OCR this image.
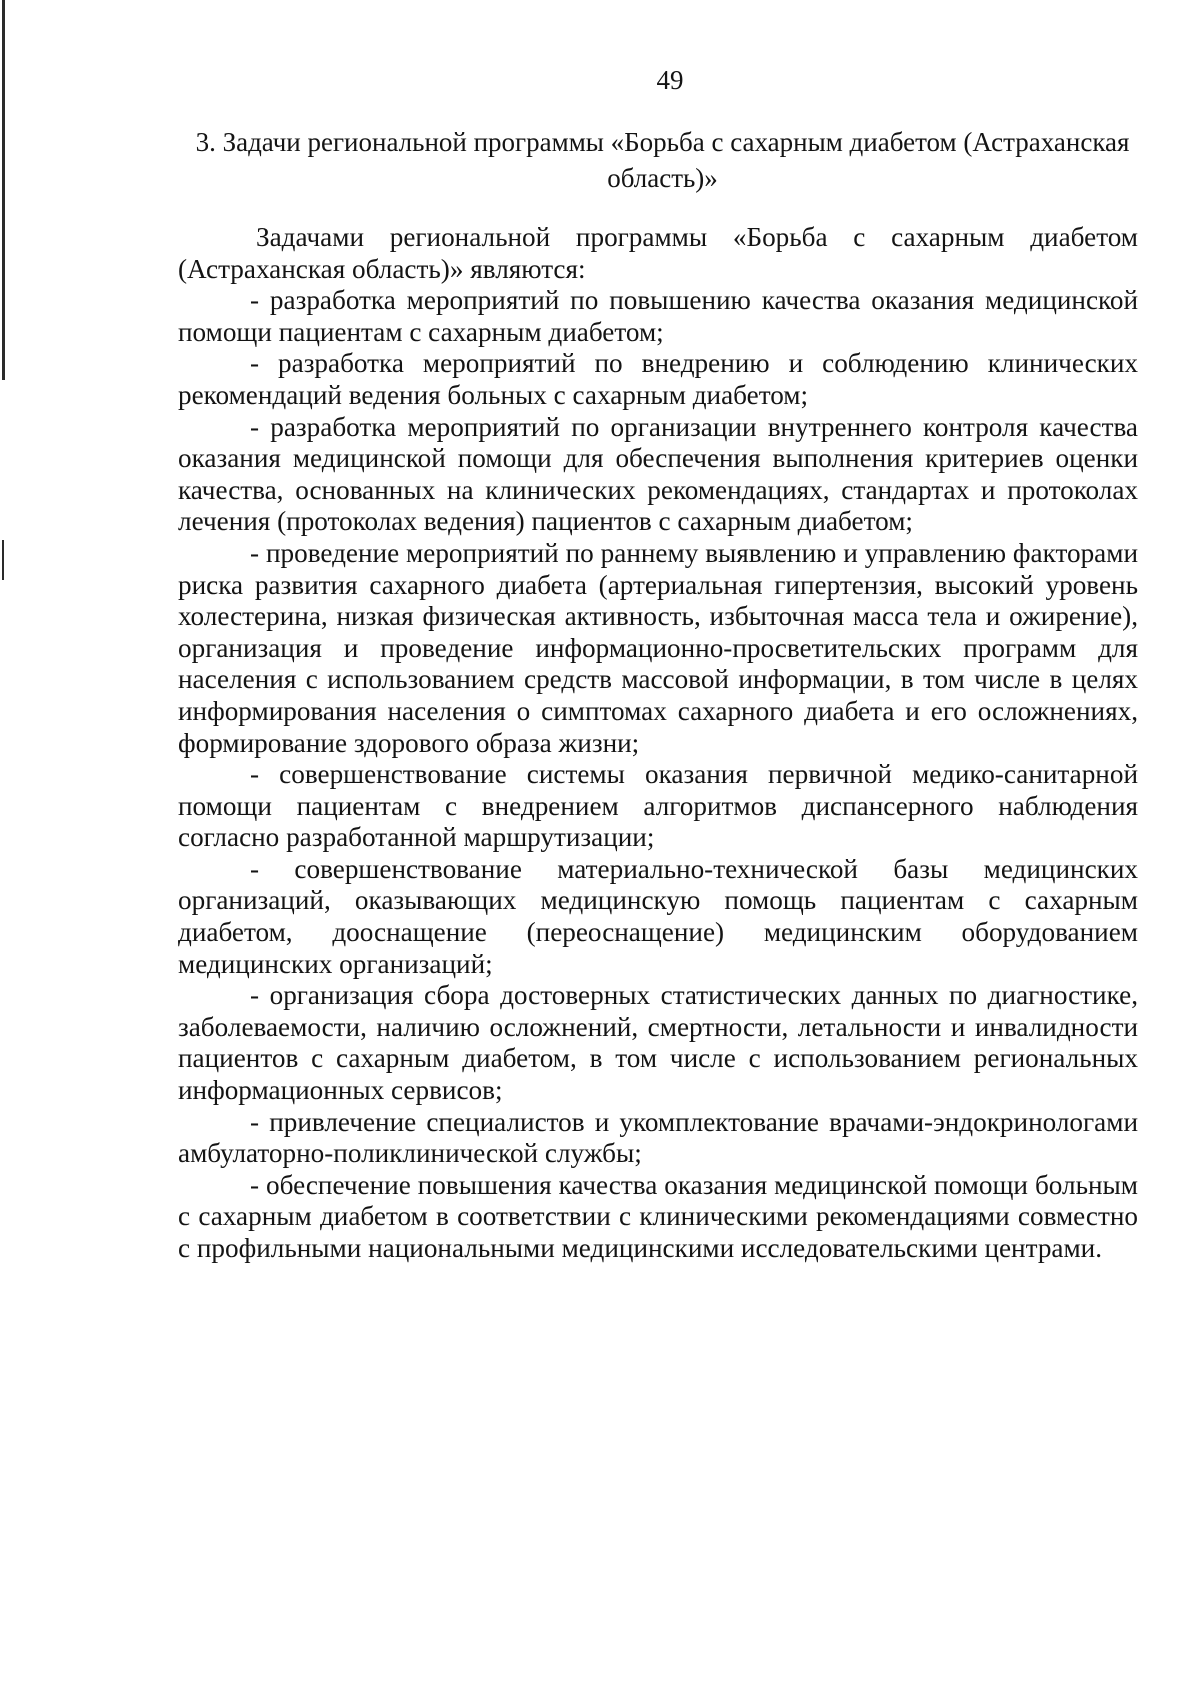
49
3. Задачи региональной программы «Борьба с сахарным диабетом (Астраханская область)»

Задачами региональной программы «Борьба с сахарным диабетом (Астраханская область)» являются:

- разработка мероприятий по повышению качества оказания медицинской помощи пациентам с сахарным диабетом;

- разработка мероприятий по внедрению и соблюдению клинических рекомендаций ведения больных с сахарным диабетом;

- разработка мероприятий по организации внутреннего контроля качества оказания медицинской помощи для обеспечения выполнения критериев оценки качества, основанных на клинических рекомендациях, стандартах и протоколах лечения (протоколах ведения) пациентов с сахарным диабетом;

- проведение мероприятий по раннему выявлению и управлению факторами риска развития сахарного диабета (артериальная гипертензия, высокий уровень холестерина, низкая физическая активность, избыточная масса тела и ожирение), организация и проведение информационно-просветительских программ для населения с использованием средств массовой информации, в том числе в целях информирования населения о симптомах сахарного диабета и его осложнениях, формирование здорового образа жизни;

- совершенствование системы оказания первичной медико-санитарной помощи пациентам с внедрением алгоритмов диспансерного наблюдения согласно разработанной маршрутизации;

- совершенствование материально-технической базы медицинских организаций, оказывающих медицинскую помощь пациентам с сахарным диабетом, дооснащение (переоснащение) медицинским оборудованием медицинских организаций;

- организация сбора достоверных статистических данных по диагностике, заболеваемости, наличию осложнений, смертности, летальности и инвалидности пациентов с сахарным диабетом, в том числе с использованием региональных информационных сервисов;

- привлечение специалистов и укомплектование врачами-эндокринологами амбулаторно-поликлинической службы;

- обеспечение повышения качества оказания медицинской помощи больным с сахарным диабетом в соответствии с клиническими рекомендациями совместно с профильными национальными медицинскими исследовательскими центрами.
